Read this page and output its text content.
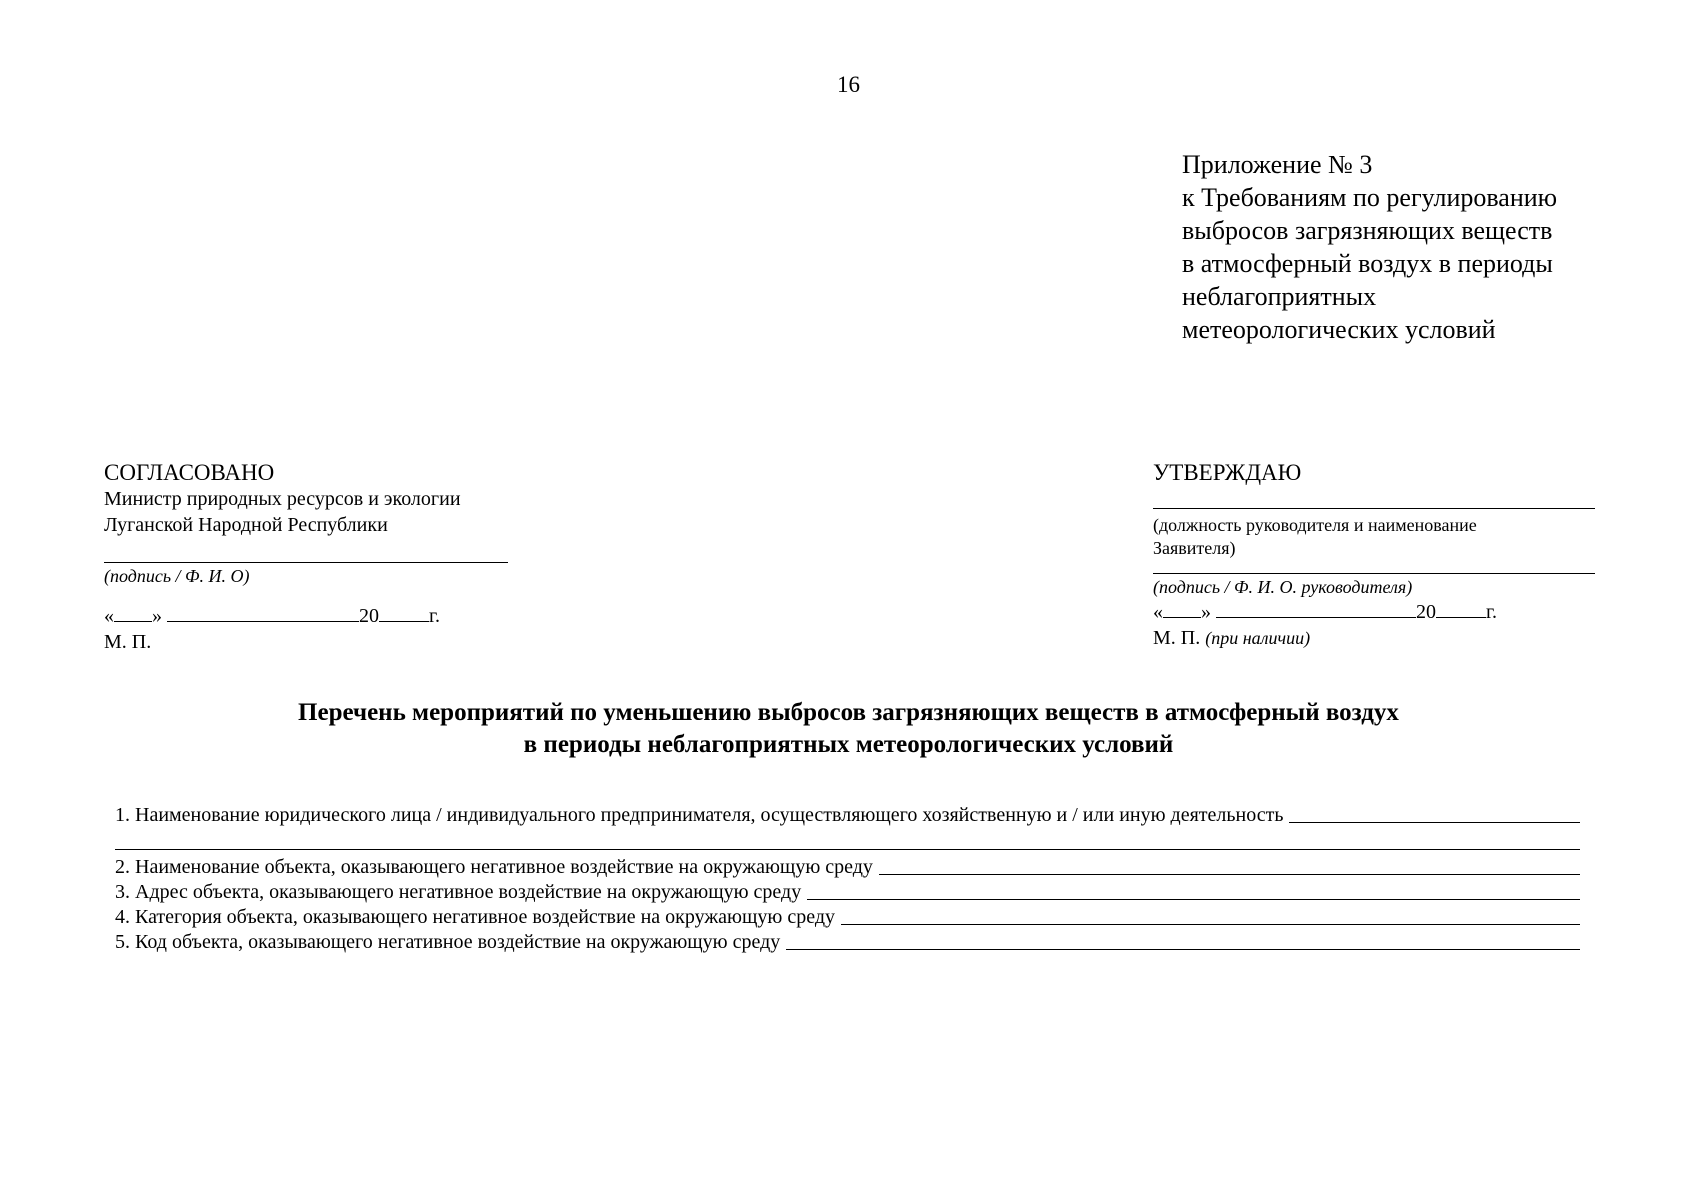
16
Приложение № 3
к Требованиям по регулированию
выбросов загрязняющих веществ
в атмосферный воздух в периоды
неблагоприятных
метеорологических условий
СОГЛАСОВАНО
Министр природных ресурсов и экологии
Луганской Народной Республики
(подпись / Ф. И. О)
« »	20	г.
М. П.
УТВЕРЖДАЮ
(должность руководителя и наименование
Заявителя)
(подпись / Ф. И. О. руководителя)
« »	20	г.
М. П. (при наличии)
Перечень мероприятий по уменьшению выбросов загрязняющих веществ в атмосферный воздух
в периоды неблагоприятных метеорологических условий
1. Наименование юридического лица / индивидуального предпринимателя, осуществляющего хозяйственную и / или иную деятельность
2. Наименование объекта, оказывающего негативное воздействие на окружающую среду
3. Адрес объекта, оказывающего негативное воздействие на окружающую среду
4. Категория объекта, оказывающего негативное воздействие на окружающую среду
5. Код объекта, оказывающего негативное воздействие на окружающую среду
